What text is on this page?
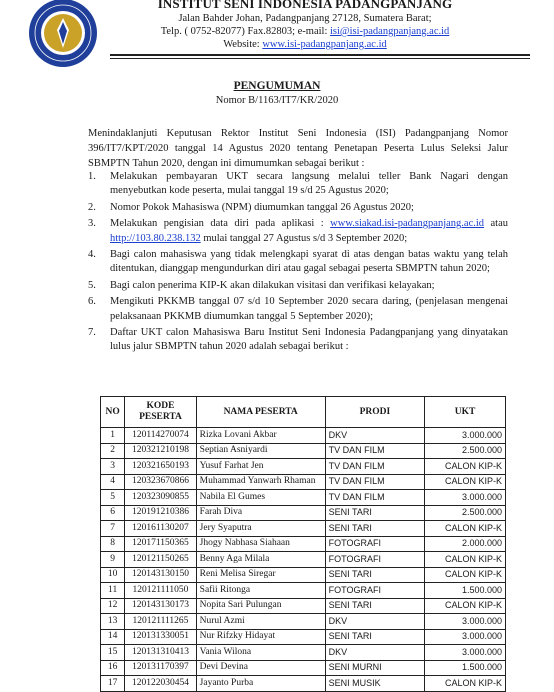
INSTITUT SENI INDONESIA PADANGPANJANG
Jalan Bahder Johan, Padangpanjang 27128, Sumatera Barat;
Telp. ( 0752-82077) Fax.82803; e-mail: isi@isi-padangpanjang.ac.id
Website: www.isi-padangpanjang.ac.id
PENGUMUMAN
Nomor B/1163/IT7/KR/2020
Menindaklanjuti Keputusan Rektor Institut Seni Indonesia (ISI) Padangpanjang Nomor 396/IT7/KPT/2020 tanggal 14 Agustus 2020 tentang Penetapan Peserta Lulus Seleksi Jalur SBMPTN Tahun 2020, dengan ini dimumumkan sebagai berikut :
1. Melakukan pembayaran UKT secara langsung melalui teller Bank Nagari dengan menyebutkan kode peserta, mulai tanggal 19 s/d 25 Agustus 2020;
2. Nomor Pokok Mahasiswa (NPM) diumumkan tanggal 26 Agustus 2020;
3. Melakukan pengisian data diri pada aplikasi : www.siakad.isi-padangpanjang.ac.id atau http://103.80.238.132 mulai tanggal 27 Agustus s/d 3 September 2020;
4. Bagi calon mahasiswa yang tidak melengkapi syarat di atas dengan batas waktu yang telah ditentukan, dianggap mengundurkan diri atau gagal sebagai peserta SBMPTN tahun 2020;
5. Bagi calon penerima KIP-K akan dilakukan visitasi dan verifikasi kelayakan;
6. Mengikuti PKKMB tanggal 07 s/d 10 September 2020 secara daring, (penjelasan mengenai pelaksanaan PKKMB diumumkan tanggal 5 September 2020);
7. Daftar UKT calon Mahasiswa Baru Institut Seni Indonesia Padangpanjang yang dinyatakan lulus jalur SBMPTN tahun 2020 adalah sebagai berikut :
NO	KODE PESERTA	NAMA PESERTA	PRODI	UKT
1	120114270074	Rizka Lovani Akbar	DKV	3.000.000
2	120321210198	Septian Asniyardi	TV DAN FILM	2.500.000
3	120321650193	Yusuf Farhat Jen	TV DAN FILM	CALON KIP-K
4	120323670866	Muhammad Yanwarh Rhaman	TV DAN FILM	CALON KIP-K
5	120323090855	Nabila El Gumes	TV DAN FILM	3.000.000
6	120191210386	Farah Diva	SENI TARI	2.500.000
7	120161130207	Jery Syaputra	SENI TARI	CALON KIP-K
8	120171150365	Jhogy Nabhasa Siahaan	FOTOGRAFI	2.000.000
9	120121150265	Benny Aga Milala	FOTOGRAFI	CALON KIP-K
10	120143130150	Reni Melisa Siregar	SENI TARI	CALON KIP-K
11	120121111050	Safii Ritonga	FOTOGRAFI	1.500.000
12	120143130173	Nopita Sari Pulungan	SENI TARI	CALON KIP-K
13	120121111265	Nurul Azmi	DKV	3.000.000
14	120131330051	Nur Rifzky Hidayat	SENI TARI	3.000.000
15	120131310413	Vania Wilona	DKV	3.000.000
16	120131170397	Devi Devina	SENI MURNI	1.500.000
17	120122030454	Jayanto Purba	SENI MUSIK	CALON KIP-K
